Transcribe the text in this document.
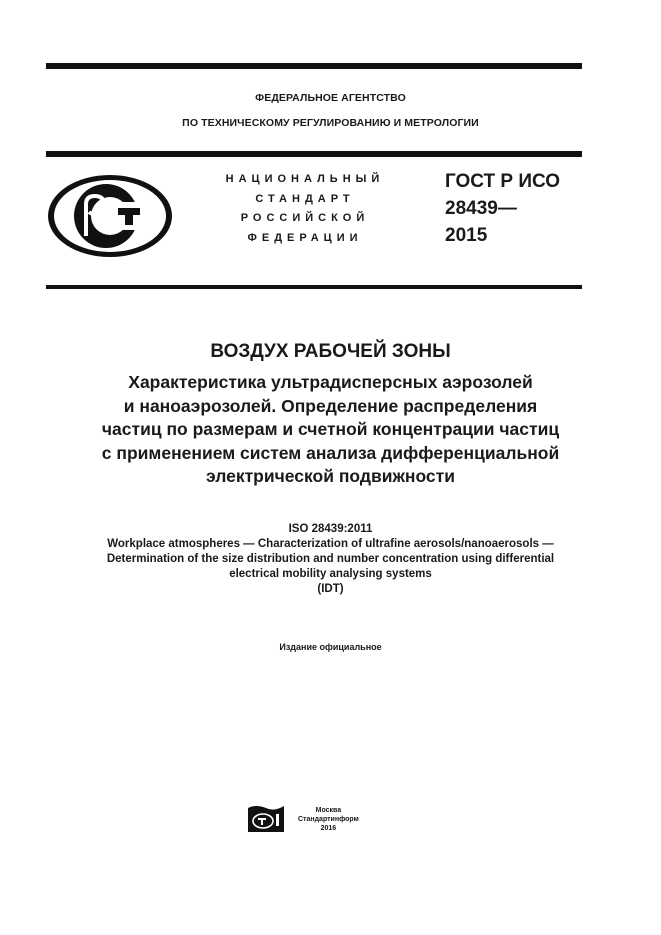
ФЕДЕРАЛЬНОЕ АГЕНТСТВО
ПО ТЕХНИЧЕСКОМУ РЕГУЛИРОВАНИЮ И МЕТРОЛОГИИ
НАЦИОНАЛЬНЫЙ
СТАНДАРТ
РОССИЙСКОЙ
ФЕДЕРАЦИИ
ГОСТ Р ИСО
28439—
2015
ВОЗДУХ РАБОЧЕЙ ЗОНЫ
Характеристика ультрадисперсных аэрозолей
и наноаэрозолей. Определение распределения
частиц по размерам и счетной концентрации частиц
с применением систем анализа дифференциальной
электрической подвижности
ISO 28439:2011
Workplace atmospheres — Characterization of ultrafine aerosols/nanoaerosols —
Determination of the size distribution and number concentration using differential
electrical mobility analysing systems
(IDT)
Издание официальное
Москва
Стандартинформ
2016
